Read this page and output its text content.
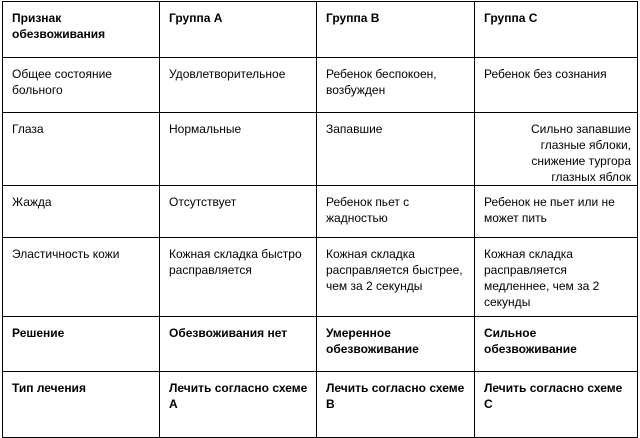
Признак обезвоживания	Группа А	Группа В	Группа С
Общее состояние больного	Удовлетворительное	Ребенок беспокоен, возбужден	Ребенок без сознания
Глаза	Нормальные	Запавшие	Сильно запавшие глазные яблоки, снижение тургора глазных яблок
Жажда	Отсутствует	Ребенок пьет с жадностью	Ребенок не пьет или не может пить
Эластичность кожи	Кожная складка быстро расправляется	Кожная складка расправляется быстрее, чем за 2 секунды	Кожная складка расправляется медленнее, чем за 2 секунды
Решение	Обезвоживания нет	Умеренное обезвоживание	Сильное обезвоживание
Тип лечения	Лечить согласно схеме А	Лечить согласно схеме В	Лечить согласно схеме С
